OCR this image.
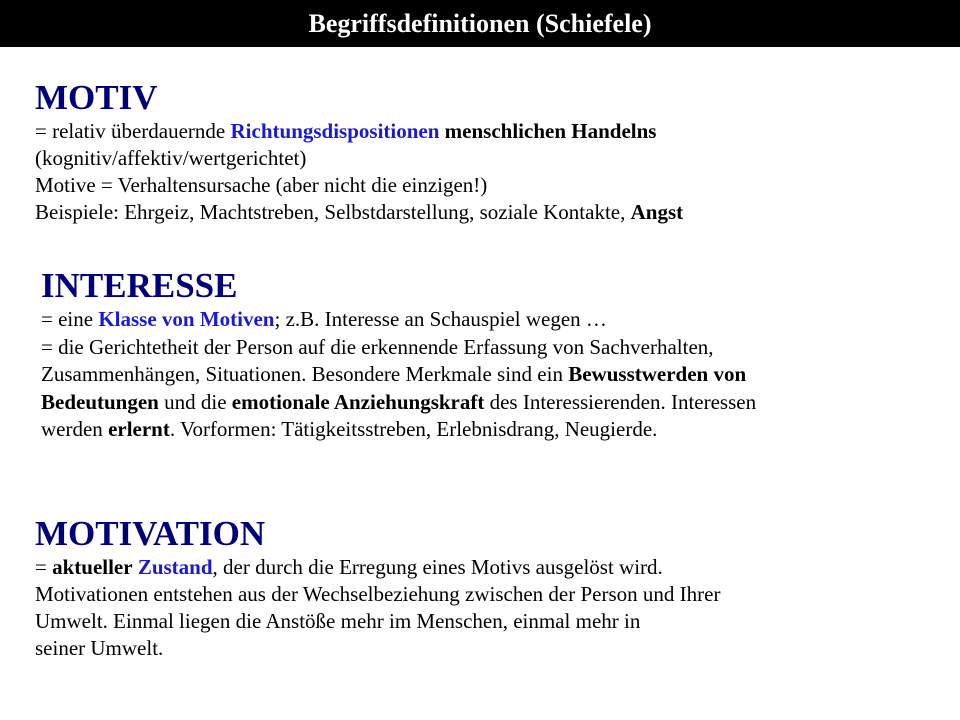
Begriffsdefinitionen (Schiefele)
MOTIV

= relativ überdauernde Richtungsdispositionen menschlichen Handelns

(kognitiv/affektiv/wertgerichtet)

Motive = Verhaltensursache (aber nicht die einzigen!)

Beispiele: Ehrgeiz, Machtstreben, Selbstdarstellung, soziale Kontakte, Angst

INTERESSE

= eine Klasse von Motiven; z.B. Interesse an Schauspiel wegen …

= die Gerichtetheit der Person auf die erkennende Erfassung von Sachverhalten,

Zusammenhängen, Situationen. Besondere Merkmale sind ein Bewusstwerden von

Bedeutungen und die emotionale Anziehungskraft des Interessierenden. Interessen

werden erlernt. Vorformen: Tätigkeitsstreben, Erlebnisdrang, Neugierde.

MOTIVATION

= aktueller Zustand, der durch die Erregung eines Motivs ausgelöst wird.

Motivationen entstehen aus der Wechselbeziehung zwischen der Person und Ihrer

Umwelt. Einmal liegen die Anstöße mehr im Menschen, einmal mehr in

seiner Umwelt.
